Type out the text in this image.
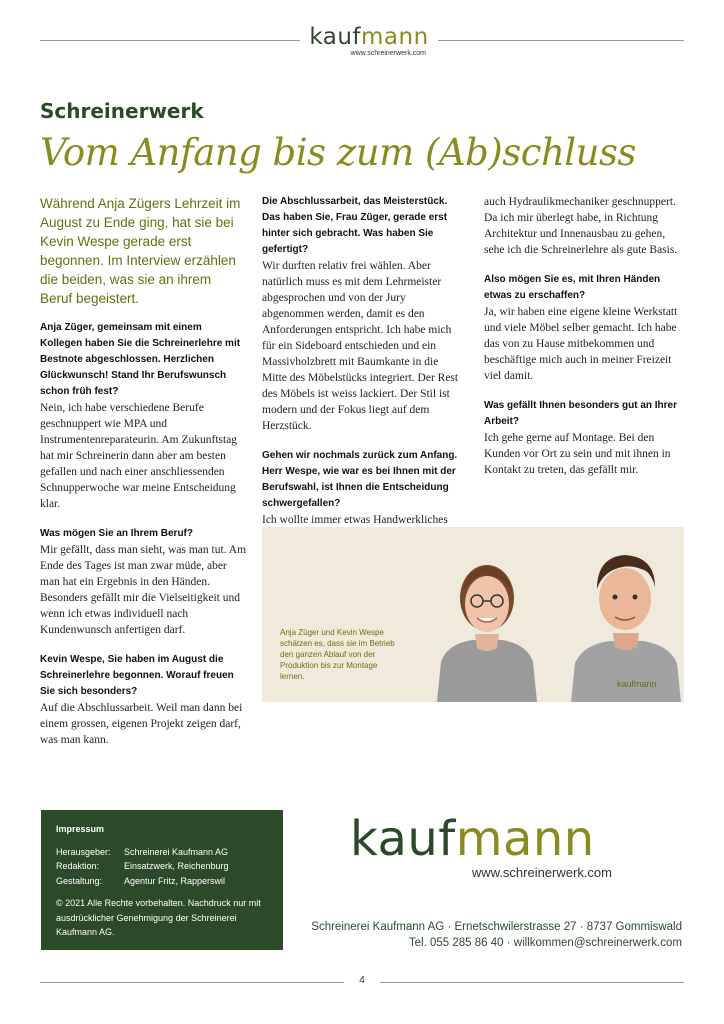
kaufmann
www.schreinerwerk.com
Schreinerwerk
Vom Anfang bis zum (Ab)schluss

Während Anja Zügers Lehrzeit im August zu Ende ging, hat sie bei Kevin Wespe gerade erst begonnen. Im Interview erzählen die beiden, was sie an ihrem Beruf begeistert.

Anja Züger, gemeinsam mit einem Kollegen haben Sie die Schreinerlehre mit Bestnote abgeschlossen. Herzlichen Glückwunsch! Stand Ihr Berufswunsch schon früh fest?

Nein, ich habe verschiedene Berufe geschnuppert wie MPA und Instrumentenreparateurin. Am Zukunftstag hat mir Schreinerin dann aber am besten gefallen und nach einer anschliessenden Schnupperwoche war meine Entscheidung klar.

Was mögen Sie an Ihrem Beruf?

Mir gefällt, dass man sieht, was man tut. Am Ende des Tages ist man zwar müde, aber man hat ein Ergebnis in den Händen. Besonders gefällt mir die Vielseitigkeit und wenn ich etwas individuell nach Kundenwunsch anfertigen darf.

Kevin Wespe, Sie haben im August die Schreinerlehre begonnen. Worauf freuen Sie sich besonders?

Auf die Abschlussarbeit. Weil man dann bei einem grossen, eigenen Projekt zeigen darf, was man kann.

Die Abschlussarbeit, das Meisterstück. Das haben Sie, Frau Züger, gerade erst hinter sich gebracht. Was haben Sie gefertigt?

Wir durften relativ frei wählen. Aber natürlich muss es mit dem Lehrmeister abgesprochen und von der Jury abgenommen werden, damit es den Anforderungen entspricht. Ich habe mich für ein Sideboard entschieden und ein Massivholzbrett mit Baumkante in die Mitte des Möbelstücks integriert. Der Rest des Möbels ist weiss lackiert. Der Stil ist modern und der Fokus liegt auf dem Herzstück.

Gehen wir nochmals zurück zum Anfang. Herr Wespe, wie war es bei Ihnen mit der Berufswahl, ist Ihnen die Entscheidung schwergefallen?

Ich wollte immer etwas Handwerkliches

auch Hydraulikmechaniker geschnuppert. Da ich mir überlegt habe, in Richtung Architektur und Innenausbau zu gehen, sehe ich die Schreinerlehre als gute Basis.

Also mögen Sie es, mit Ihren Händen etwas zu erschaffen?

Ja, wir haben eine eigene kleine Werkstatt und viele Möbel selber gemacht. Ich habe das von zu Hause mitbekommen und beschäftige mich auch in meiner Freizeit viel damit.

Was gefällt Ihnen besonders gut an Ihrer Arbeit?

Ich gehe gerne auf Montage. Bei den Kunden vor Ort zu sein und mit ihnen in Kontakt zu treten, das gefällt mir.

Anja Züger und Kevin Wespe schätzen es, dass sie im Betrieb den ganzen Ablauf von der Produktion bis zur Montage lernen.
kaufmann
Impressum
Herausgeber:	Schreinerei Kaufmann AG
Redaktion:	Einsatzwerk, Reichenburg
Gestaltung:	Agentur Fritz, Rapperswil
© 2021 Alle Rechte vorbehalten. Nachdruck nur mit ausdrücklicher Genehmigung der Schreinerei Kaufmann AG.
kaufmann
www.schreinerwerk.com
Schreinerei Kaufmann AG · Ernetschwilerstrasse 27 · 8737 Gommiswald
Tel. 055 285 86 40 · willkommen@schreinerwerk.com
4
